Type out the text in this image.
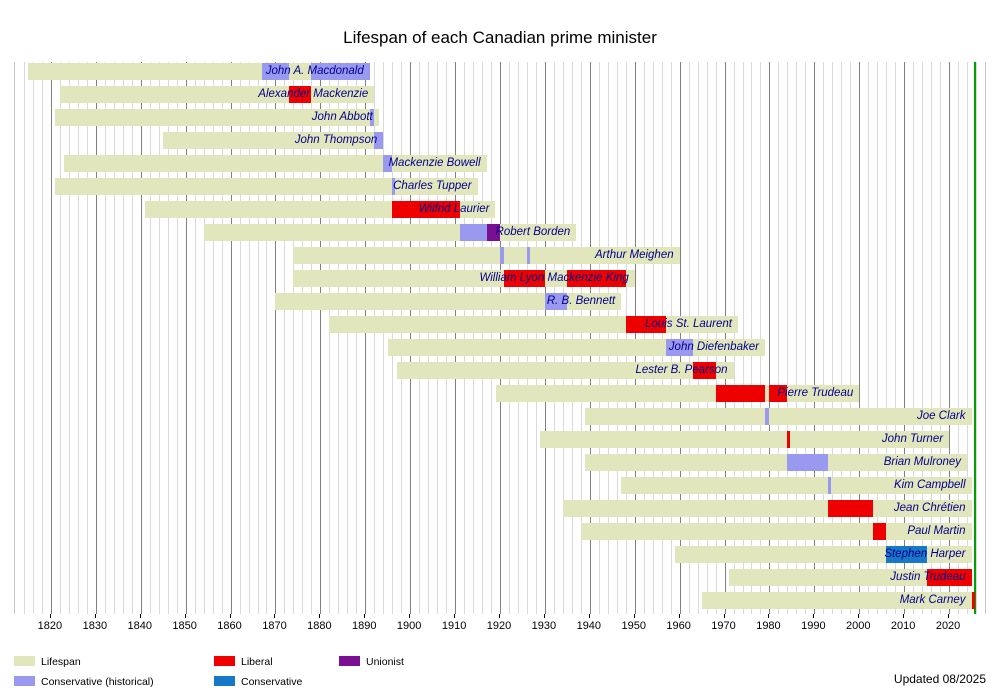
Lifespan of each Canadian prime minister
John A. Macdonald
Alexander Mackenzie
John Abbott
John Thompson
Mackenzie Bowell
Charles Tupper
Wilfrid Laurier
Robert Borden
Arthur Meighen
William Lyon Mackenzie King
R. B. Bennett
Louis St. Laurent
John Diefenbaker
Lester B. Pearson
Pierre Trudeau
Joe Clark
John Turner
Brian Mulroney
Kim Campbell
Jean Chrétien
Paul Martin
Stephen Harper
Justin Trudeau
Mark Carney
1820 1830 1840 1850 1860 1870 1880 1890 1900 1910 1920 1930 1940 1950 1960 1970 1980 1990 2000 2010 2020
Lifespan	Liberal	Unionist
Conservative (historical)	Conservative	Updated 08/2025
